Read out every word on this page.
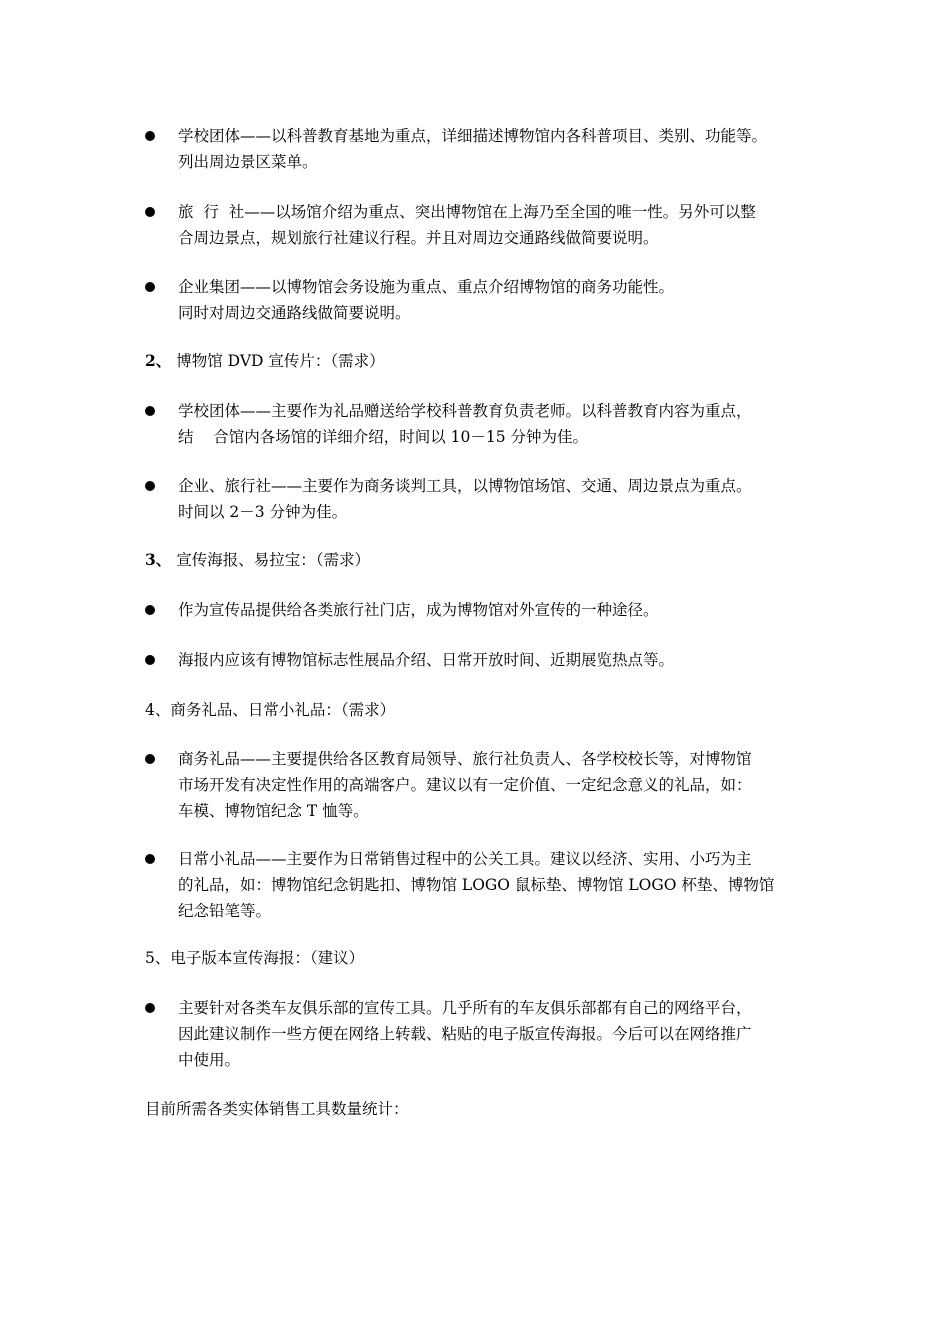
学校团体——以科普教育基地为重点，详细描述博物馆内各科普项目、类别、功能等。
列出周边景区菜单。
旅  行  社——以场馆介绍为重点、突出博物馆在上海乃至全国的唯一性。另外可以整
合周边景点，规划旅行社建议行程。并且对周边交通路线做简要说明。
企业集团——以博物馆会务设施为重点、重点介绍博物馆的商务功能性。
同时对周边交通路线做简要说明。
2、 博物馆 DVD 宣传片：（需求）
学校团体——主要作为礼品赠送给学校科普教育负责老师。以科普教育内容为重点，
结    合馆内各场馆的详细介绍，时间以 10－15 分钟为佳。
企业、旅行社——主要作为商务谈判工具，以博物馆场馆、交通、周边景点为重点。
时间以 2－3 分钟为佳。
3、 宣传海报、易拉宝：（需求）
作为宣传品提供给各类旅行社门店，成为博物馆对外宣传的一种途径。
海报内应该有博物馆标志性展品介绍、日常开放时间、近期展览热点等。
4、商务礼品、日常小礼品：（需求）
商务礼品——主要提供给各区教育局领导、旅行社负责人、各学校校长等，对博物馆
市场开发有决定性作用的高端客户。建议以有一定价值、一定纪念意义的礼品，如：
车模、博物馆纪念 T 恤等。
日常小礼品——主要作为日常销售过程中的公关工具。建议以经济、实用、小巧为主
的礼品，如：博物馆纪念钥匙扣、博物馆 LOGO 鼠标垫、博物馆 LOGO 杯垫、博物馆
纪念铅笔等。
5、电子版本宣传海报：（建议）
主要针对各类车友俱乐部的宣传工具。几乎所有的车友俱乐部都有自己的网络平台，
因此建议制作一些方便在网络上转载、粘贴的电子版宣传海报。今后可以在网络推广
中使用。
目前所需各类实体销售工具数量统计：
